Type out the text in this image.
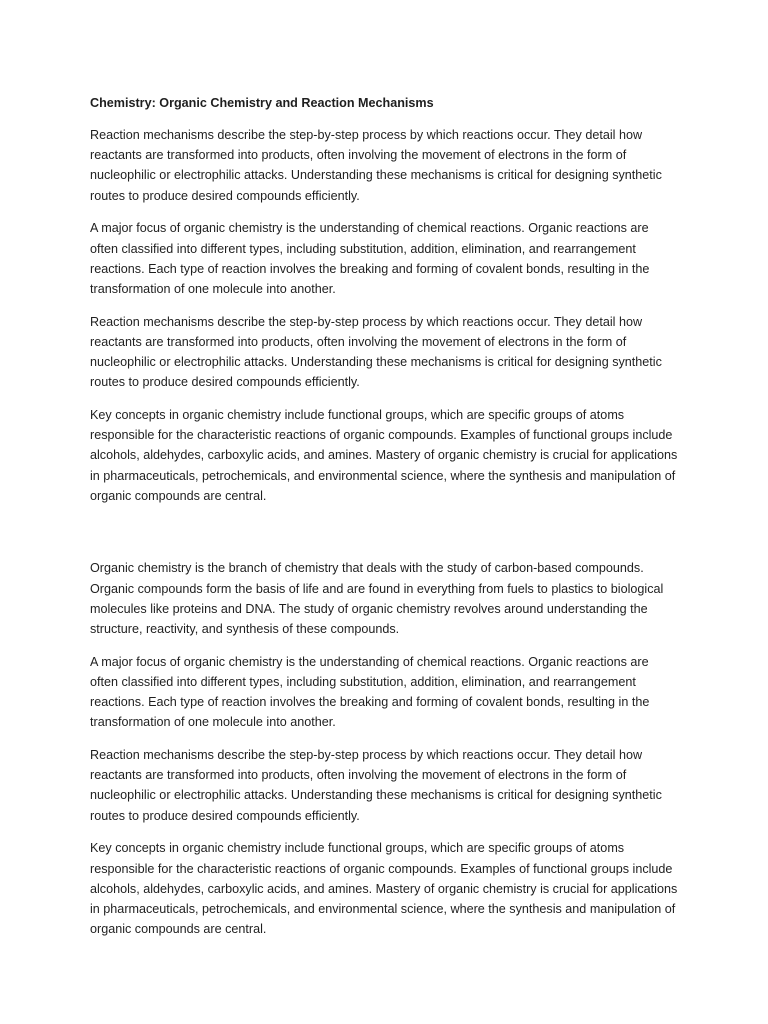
Chemistry: Organic Chemistry and Reaction Mechanisms

Reaction mechanisms describe the step-by-step process by which reactions occur. They detail how reactants are transformed into products, often involving the movement of electrons in the form of nucleophilic or electrophilic attacks. Understanding these mechanisms is critical for designing synthetic routes to produce desired compounds efficiently.

A major focus of organic chemistry is the understanding of chemical reactions. Organic reactions are often classified into different types, including substitution, addition, elimination, and rearrangement reactions. Each type of reaction involves the breaking and forming of covalent bonds, resulting in the transformation of one molecule into another.

Reaction mechanisms describe the step-by-step process by which reactions occur. They detail how reactants are transformed into products, often involving the movement of electrons in the form of nucleophilic or electrophilic attacks. Understanding these mechanisms is critical for designing synthetic routes to produce desired compounds efficiently.

Key concepts in organic chemistry include functional groups, which are specific groups of atoms responsible for the characteristic reactions of organic compounds. Examples of functional groups include alcohols, aldehydes, carboxylic acids, and amines. Mastery of organic chemistry is crucial for applications in pharmaceuticals, petrochemicals, and environmental science, where the synthesis and manipulation of organic compounds are central.

Organic chemistry is the branch of chemistry that deals with the study of carbon-based compounds. Organic compounds form the basis of life and are found in everything from fuels to plastics to biological molecules like proteins and DNA. The study of organic chemistry revolves around understanding the structure, reactivity, and synthesis of these compounds.

A major focus of organic chemistry is the understanding of chemical reactions. Organic reactions are often classified into different types, including substitution, addition, elimination, and rearrangement reactions. Each type of reaction involves the breaking and forming of covalent bonds, resulting in the transformation of one molecule into another.

Reaction mechanisms describe the step-by-step process by which reactions occur. They detail how reactants are transformed into products, often involving the movement of electrons in the form of nucleophilic or electrophilic attacks. Understanding these mechanisms is critical for designing synthetic routes to produce desired compounds efficiently.

Key concepts in organic chemistry include functional groups, which are specific groups of atoms responsible for the characteristic reactions of organic compounds. Examples of functional groups include alcohols, aldehydes, carboxylic acids, and amines. Mastery of organic chemistry is crucial for applications in pharmaceuticals, petrochemicals, and environmental science, where the synthesis and manipulation of organic compounds are central.
